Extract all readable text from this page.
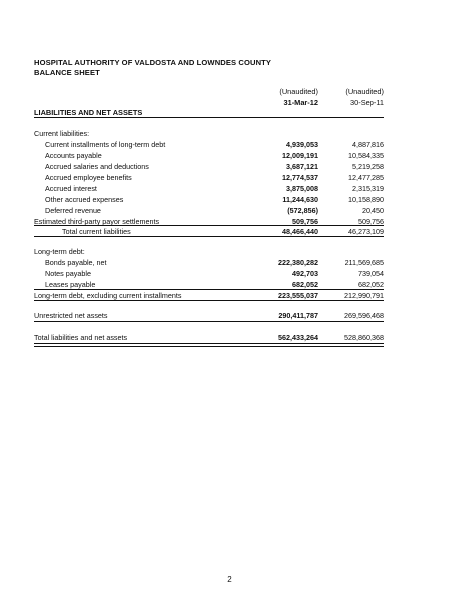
HOSPITAL AUTHORITY OF VALDOSTA AND LOWNDES COUNTY
BALANCE SHEET
(Unaudited)	(Unaudited)
31-Mar-12	30-Sep-11
LIABILITIES AND NET ASSETS
Current liabilities:
Current installments of long-term debt	4,939,053	4,887,816
Accounts payable	12,009,191	10,584,335
Accrued salaries and deductions	3,687,121	5,219,258
Accrued employee benefits	12,774,537	12,477,285
Accrued interest	3,875,008	2,315,319
Other accrued expenses	11,244,630	10,158,890
Deferred revenue	(572,856)	20,450
Estimated third-party payor settlements	509,756	509,756
Total current liabilities	48,466,440	46,273,109
Long-term debt:
Bonds payable, net	222,380,282	211,569,685
Notes payable	492,703	739,054
Leases payable	682,052	682,052
Long-term debt, excluding current installments	223,555,037	212,990,791
Unrestricted net assets	290,411,787	269,596,468
Total liabilities and net assets	562,433,264	528,860,368
2
